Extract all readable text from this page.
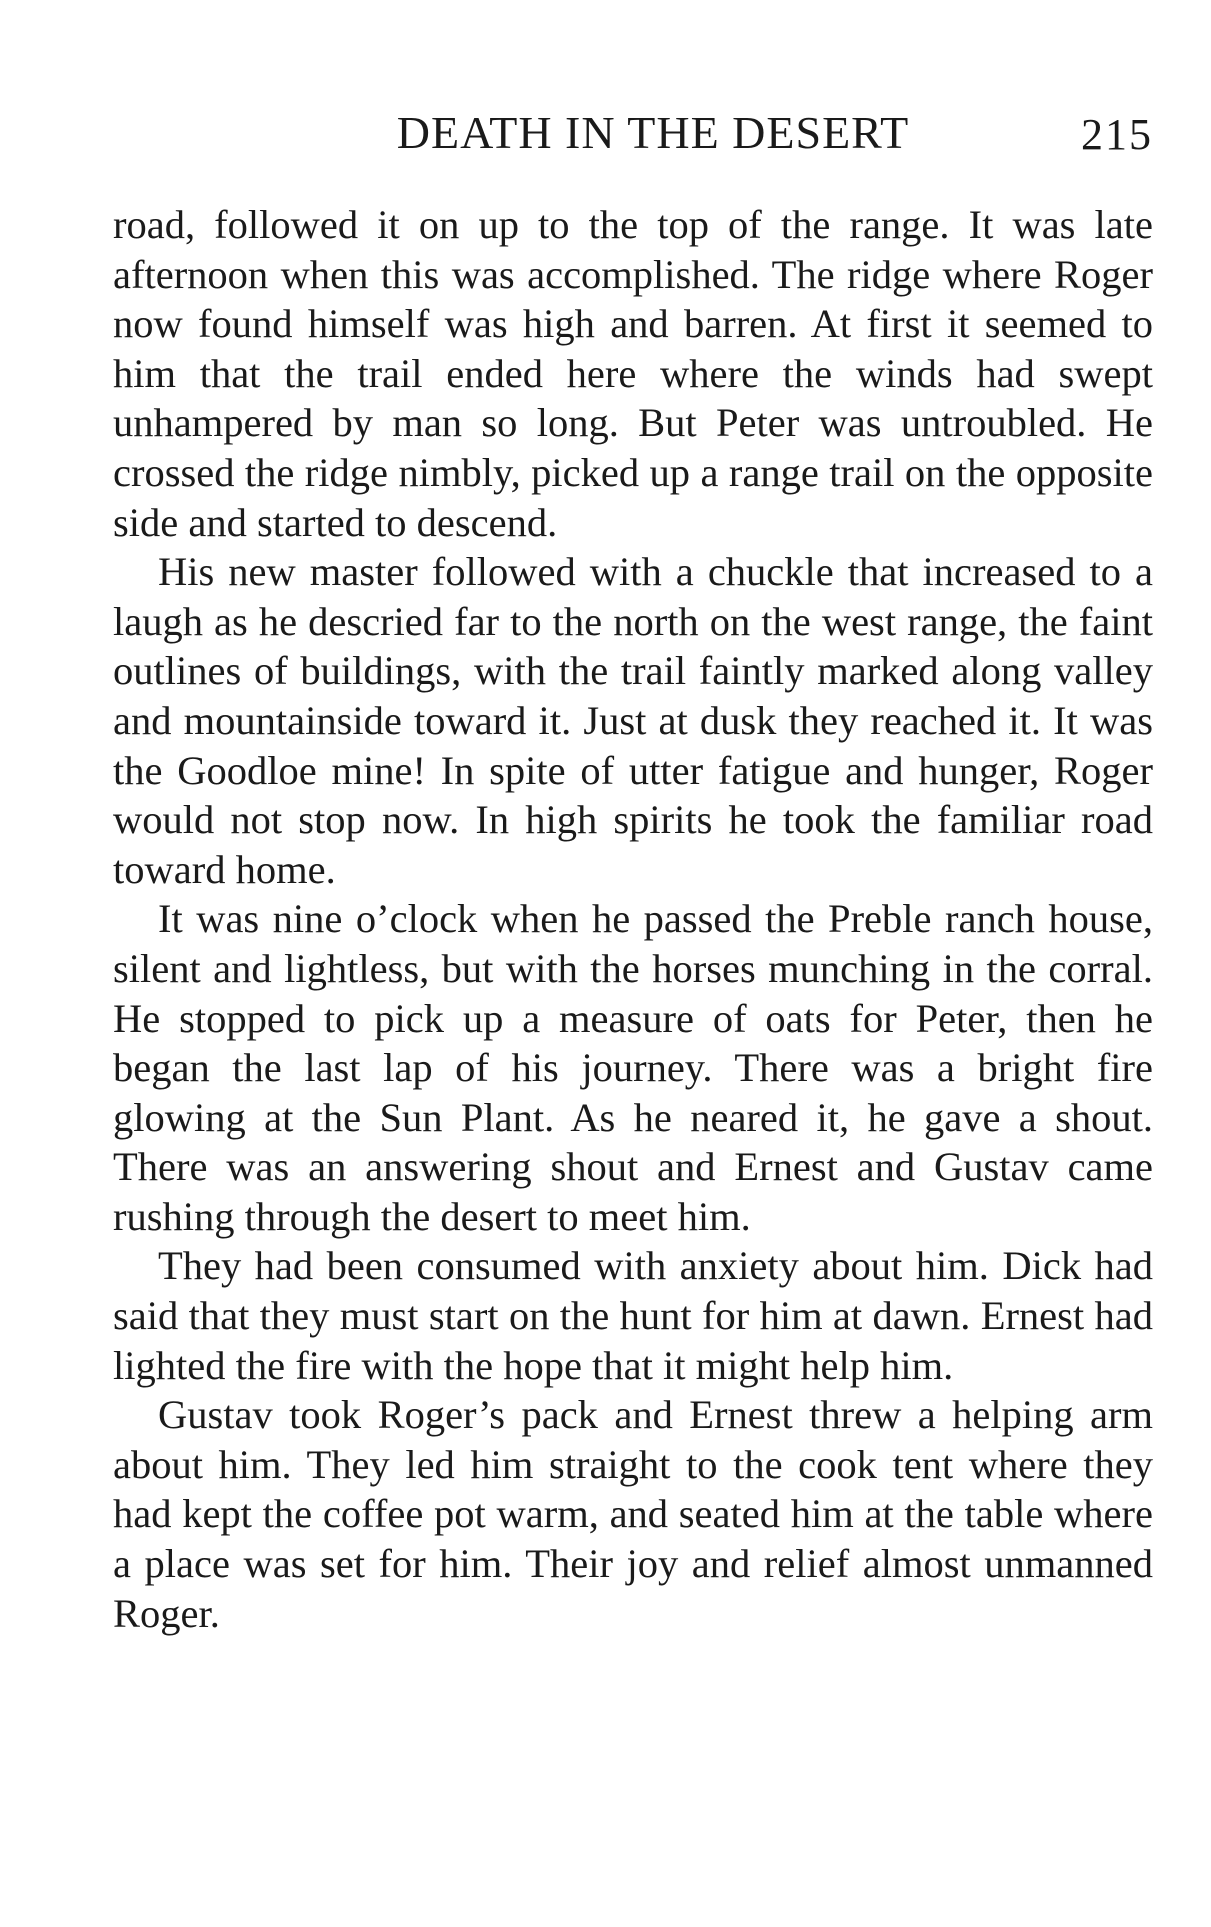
DEATH IN THE DESERT	215

road, followed it on up to the top of the range. It was late afternoon when this was accomplished. The ridge where Roger now found himself was high and barren. At first it seemed to him that the trail ended here where the winds had swept unhampered by man so long. But Peter was untroubled. He crossed the ridge nimbly, picked up a range trail on the opposite side and started to descend.

His new master followed with a chuckle that increased to a laugh as he descried far to the north on the west range, the faint outlines of buildings, with the trail faintly marked along valley and mountainside toward it. Just at dusk they reached it. It was the Goodloe mine! In spite of utter fatigue and hunger, Roger would not stop now. In high spirits he took the familiar road toward home.

It was nine o’clock when he passed the Preble ranch house, silent and lightless, but with the horses munching in the corral. He stopped to pick up a measure of oats for Peter, then he began the last lap of his journey. There was a bright fire glowing at the Sun Plant. As he neared it, he gave a shout. There was an answering shout and Ernest and Gustav came rushing through the desert to meet him.

They had been consumed with anxiety about him. Dick had said that they must start on the hunt for him at dawn. Ernest had lighted the fire with the hope that it might help him.

Gustav took Roger’s pack and Ernest threw a helping arm about him. They led him straight to the cook tent where they had kept the coffee pot warm, and seated him at the table where a place was set for him. Their joy and relief almost unmanned Roger.
